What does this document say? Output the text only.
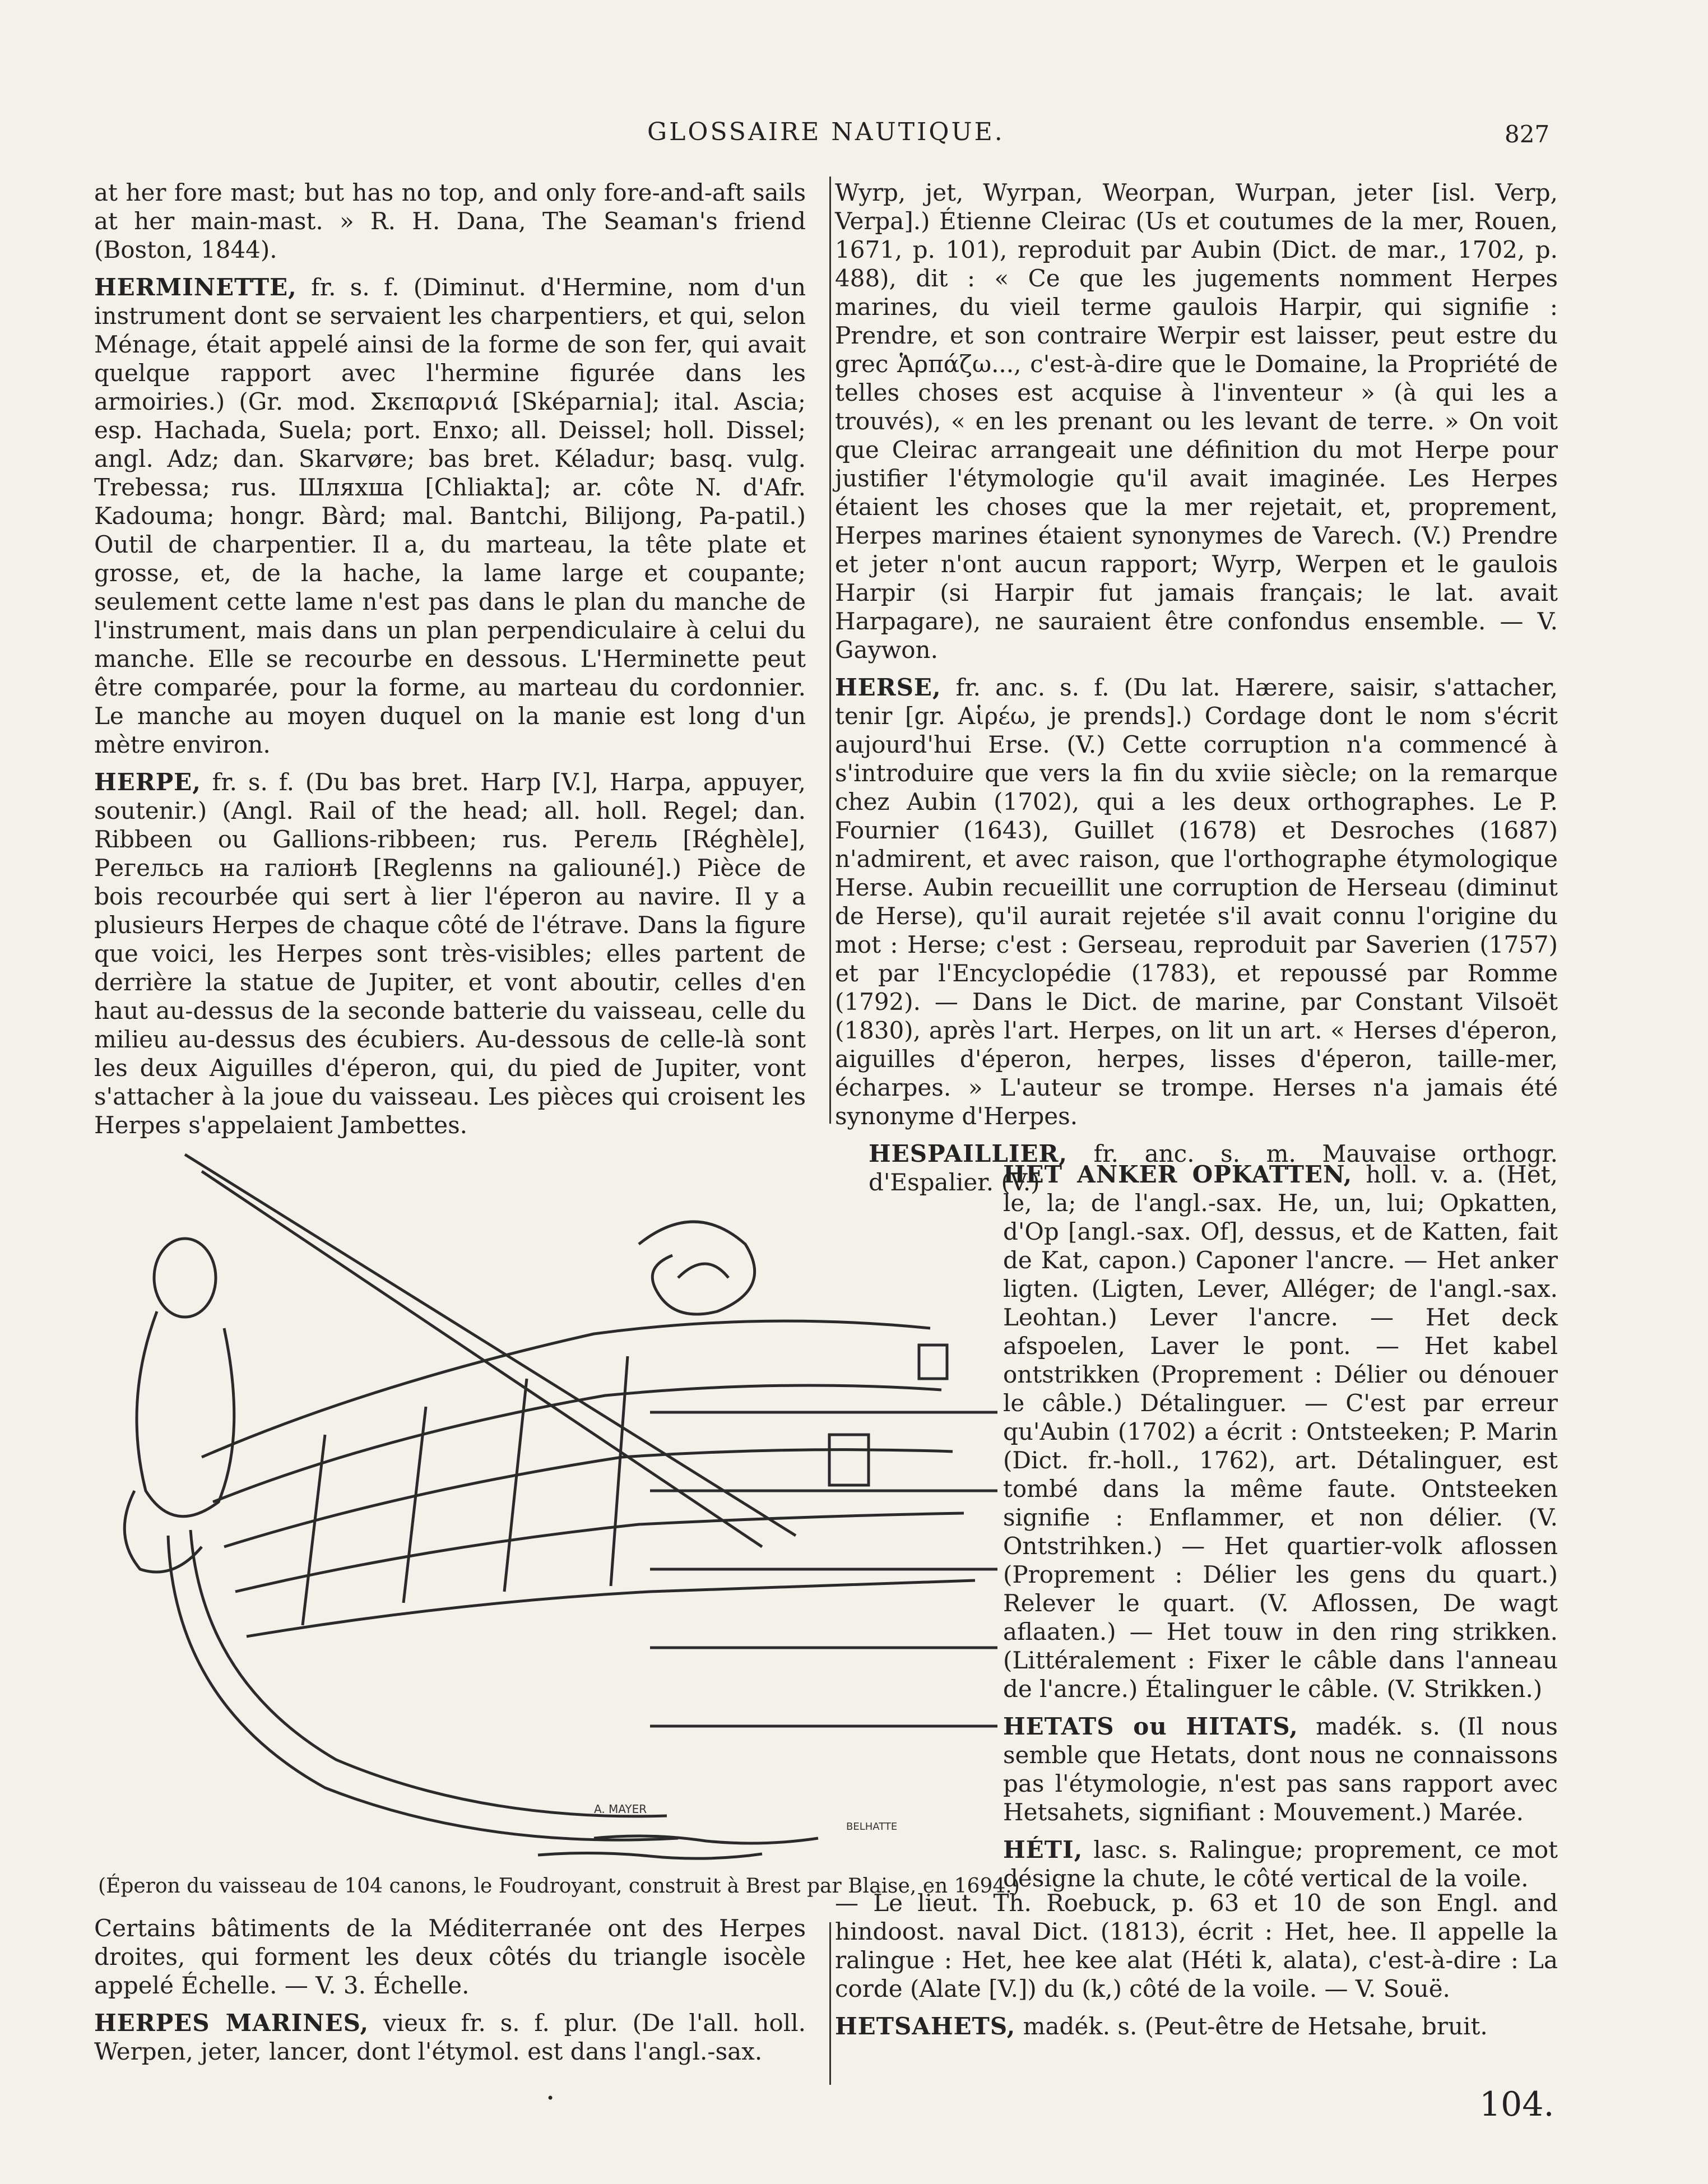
GLOSSAIRE NAUTIQUE.	827

at her fore mast; but has no top, and only fore-and-aft sails at her main-mast. » R. H. Dana, The Seaman's friend (Boston, 1844).

HERMINETTE, fr. s. f. (Diminut. d'Hermine, nom d'un instrument dont se servaient les charpentiers, et qui, selon Ménage, était appelé ainsi de la forme de son fer, qui avait quelque rapport avec l'hermine figurée dans les armoiries.) (Gr. mod. Σκεπαρνιά [Sképarnia]; ital. Ascia; esp. Hachada, Suela; port. Enxo; all. Deissel; holl. Dissel; angl. Adz; dan. Skarvøre; bas bret. Kéladur; basq. vulg. Trebessa; rus. Шляхша [Chliakta]; ar. côte N. d'Afr. Kadouma; hongr. Bàrd; mal. Bantchi, Bilijong, Pa-patil.) Outil de charpentier. Il a, du marteau, la tête plate et grosse, et, de la hache, la lame large et coupante; seulement cette lame n'est pas dans le plan du manche de l'instrument, mais dans un plan perpendiculaire à celui du manche. Elle se recourbe en dessous. L'Herminette peut être comparée, pour la forme, au marteau du cordonnier. Le manche au moyen duquel on la manie est long d'un mètre environ.

HERPE, fr. s. f. (Du bas bret. Harp [V.], Harpa, appuyer, soutenir.) (Angl. Rail of the head; all. holl. Regel; dan. Ribbeen ou Gallions-ribbeen; rus. Регель [Réghèle], Регельсь на галіонѣ [Reglenns na galiouné].) Pièce de bois recourbée qui sert à lier l'éperon au navire. Il y a plusieurs Herpes de chaque côté de l'étrave. Dans la figure que voici, les Herpes sont très-visibles; elles partent de derrière la statue de Jupiter, et vont aboutir, celles d'en haut au-dessus de la seconde batterie du vaisseau, celle du milieu au-dessus des écubiers. Au-dessous de celle-là sont les deux Aiguilles d'éperon, qui, du pied de Jupiter, vont s'attacher à la joue du vaisseau. Les pièces qui croisent les Herpes s'appelaient Jambettes.

Wyrp, jet, Wyrpan, Weorpan, Wurpan, jeter [isl. Verp, Verpa].) Étienne Cleirac (Us et coutumes de la mer, Rouen, 1671, p. 101), reproduit par Aubin (Dict. de mar., 1702, p. 488), dit : « Ce que les jugements nomment Herpes marines, du vieil terme gaulois Harpir, qui signifie : Prendre, et son contraire Werpir est laisser, peut estre du grec Ἁρπάζω..., c'est-à-dire que le Domaine, la Propriété de telles choses est acquise à l'inventeur » (à qui les a trouvés), « en les prenant ou les levant de terre. » On voit que Cleirac arrangeait une définition du mot Herpe pour justifier l'étymologie qu'il avait imaginée. Les Herpes étaient les choses que la mer rejetait, et, proprement, Herpes marines étaient synonymes de Varech. (V.) Prendre et jeter n'ont aucun rapport; Wyrp, Werpen et le gaulois Harpir (si Harpir fut jamais français; le lat. avait Harpagare), ne sauraient être confondus ensemble. — V. Gaywon.

HERSE, fr. anc. s. f. (Du lat. Hærere, saisir, s'attacher, tenir [gr. Αἱρέω, je prends].) Cordage dont le nom s'écrit aujourd'hui Erse. (V.) Cette corruption n'a commencé à s'introduire que vers la fin du xviie siècle; on la remarque chez Aubin (1702), qui a les deux orthographes. Le P. Fournier (1643), Guillet (1678) et Desroches (1687) n'admirent, et avec raison, que l'orthographe étymologique Herse. Aubin recueillit une corruption de Herseau (diminut de Herse), qu'il aurait rejetée s'il avait connu l'origine du mot : Herse; c'est : Gerseau, reproduit par Saverien (1757) et par l'Encyclopédie (1783), et repoussé par Romme (1792). — Dans le Dict. de marine, par Constant Vilsoët (1830), après l'art. Herpes, on lit un art. « Herses d'éperon, aiguilles d'éperon, herpes, lisses d'éperon, taille-mer, écharpes. » L'auteur se trompe. Herses n'a jamais été synonyme d'Herpes.

HESPAILLIER, fr. anc. s. m. Mauvaise orthogr. d'Espalier. (V.)

HET ANKER OPKATTEN, holl. v. a. (Het, le, la; de l'angl.-sax. He, un, lui; Opkatten, d'Op [angl.-sax. Of], dessus, et de Katten, fait de Kat, capon.) Caponer l'ancre. — Het anker ligten. (Ligten, Lever, Alléger; de l'angl.-sax. Leohtan.) Lever l'ancre. — Het deck afspoelen, Laver le pont. — Het kabel ontstrikken (Proprement : Délier ou dénouer le câble.) Détalinguer. — C'est par erreur qu'Aubin (1702) a écrit : Ontsteeken; P. Marin (Dict. fr.-holl., 1762), art. Détalinguer, est tombé dans la même faute. Ontsteeken signifie : Enflammer, et non délier. (V. Ontstrihken.) — Het quartier-volk aflossen (Proprement : Délier les gens du quart.) Relever le quart. (V. Aflossen, De wagt aflaaten.) — Het touw in den ring strikken. (Littéralement : Fixer le câble dans l'anneau de l'ancre.) Étalinguer le câble. (V. Strikken.)

HETATS ou HITATS, madék. s. (Il nous semble que Hetats, dont nous ne connaissons pas l'étymologie, n'est pas sans rapport avec Hetsahets, signifiant : Mouvement.) Marée.

HÉTI, lasc. s. Ralingue; proprement, ce mot désigne la chute, le côté vertical de la voile.

A. MAYER
BELHATTE
(Éperon du vaisseau de 104 canons, le Foudroyant, construit à Brest par Blaise, en 1694.)

Certains bâtiments de la Méditerranée ont des Herpes droites, qui forment les deux côtés du triangle isocèle appelé Échelle. — V. 3. Échelle.

HERPES MARINES, vieux fr. s. f. plur. (De l'all. holl. Werpen, jeter, lancer, dont l'étymol. est dans l'angl.-sax.

— Le lieut. Th. Roebuck, p. 63 et 10 de son Engl. and hindoost. naval Dict. (1813), écrit : Het, hee. Il appelle la ralingue : Het, hee kee alat (Héti k, alata), c'est-à-dire : La corde (Alate [V.]) du (k,) côté de la voile. — V. Souë.

HETSAHETS, madék. s. (Peut-être de Hetsahe, bruit.

104.
•
